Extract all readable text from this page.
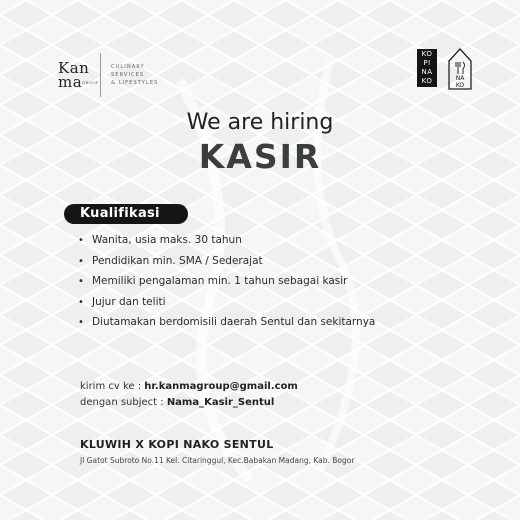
Kan
maGROUP
CULINARY
SERVICES
& LIFESTYLES
KO
PI
NA
KO	NA
KO
We are hiring
KASIR
Kualifikasi
• Wanita, usia maks. 30 tahun
• Pendidikan min. SMA / Sederajat
• Memiliki pengalaman min. 1 tahun sebagai kasir
• Jujur dan teliti
• Diutamakan berdomisili daerah Sentul dan sekitarnya
kirim cv ke : hr.kanmagroup@gmail.com
dengan subject : Nama_Kasir_Sentul
KLUWIH X KOPI NAKO SENTUL
Jl Gatot Subroto No.11 Kel. Citaringgul, Kec.Babakan Madang, Kab. Bogor
